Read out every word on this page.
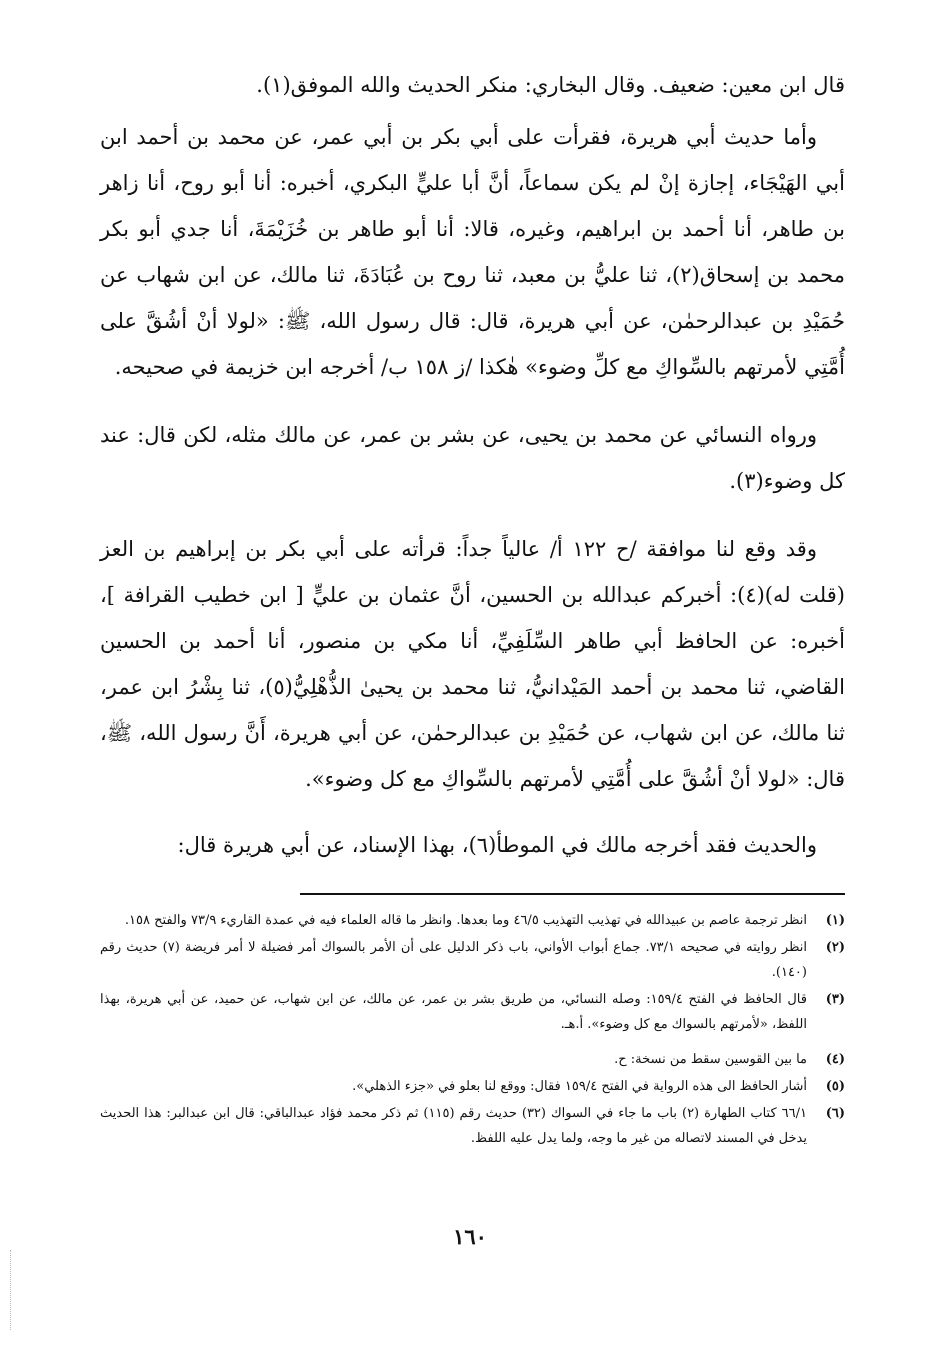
قال ابن معين: ضعيف. وقال البخاري: منكر الحديث والله الموفق(١).

وأما حديث أبي هريرة، فقرأت على أبي بكر بن أبي عمر، عن محمد بن أحمد ابن أبي الهَيْجَاء، إجازة إنْ لم يكن سماعاً، أنَّ أبا عليٍّ البكري، أخبره: أنا أبو روح، أنا زاهر بن طاهر، أنا أحمد بن ابراهيم، وغيره، قالا: أنا أبو طاهر بن خُزَيْمَةَ، أنا جدي أبو بكر محمد بن إسحاق(٢)، ثنا عليُّ بن معبد، ثنا روح بن عُبَادَةَ، ثنا مالك، عن ابن شهاب عن حُمَيْدِ بن عبدالرحمٰن، عن أبي هريرة، قال: قال رسول الله، ﷺ: «لولا أنْ أشُقَّ على أُمَّتِي لأمرتهم بالسِّواكِ مع كلِّ وضوء» هٰكذا /ز ١٥٨ ب/ أخرجه ابن خزيمة في صحيحه.

ورواه النسائي عن محمد بن يحيى، عن بشر بن عمر، عن مالك مثله، لكن قال: عند كل وضوء(٣).

وقد وقع لنا موافقة /ح ١٢٢ أ/ عالياً جداً: قرأته على أبي بكر بن إبراهيم بن العز (قلت له)(٤): أخبركم عبدالله بن الحسين، أنَّ عثمان بن عليٍّ [ ابن خطيب القرافة ]، أخبره: عن الحافظ أبي طاهر السِّلَفِيِّ، أنا مكي بن منصور، أنا أحمد بن الحسين القاضي، ثنا محمد بن أحمد المَيْدانيُّ، ثنا محمد بن يحيىٰ الذُّهْلِيُّ(٥)، ثنا بِشْرُ ابن عمر، ثنا مالك، عن ابن شهاب، عن حُمَيْدِ بن عبدالرحمٰن، عن أبي هريرة، أَنَّ رسول الله، ﷺ، قال: «لولا أنْ أشُقَّ على أُمَّتِي لأمرتهم بالسِّواكِ مع كل وضوء».

والحديث فقد أخرجه مالك في الموطأ(٦)، بهذا الإسناد، عن أبي هريرة قال:

(١)
انظر ترجمة عاصم بن عبيدالله في تهذيب التهذيب ٤٦/٥ وما بعدها. وانظر ما قاله العلماء فيه في عمدة القاريء ٧٣/٩ والفتح ١٥٨.
(٢)
انظر روايته في صحيحه ٧٣/١. جماع أبواب الأواني، باب ذكر الدليل على أن الأمر بالسواك أمر فضيلة لا أمر فريضة (٧) حديث رقم (١٤٠).
(٣)
قال الحافظ في الفتح ١٥٩/٤: وصله النسائي، من طريق بشر بن عمر، عن مالك، عن ابن شهاب، عن حميد، عن أبي هريرة، بهذا اللفظ، «لأمرتهم بالسواك مع كل وضوء». أ.هـ.
(٤)
ما بين القوسين سقط من نسخة: ح.
(٥)
أشار الحافظ الى هذه الرواية في الفتح ١٥٩/٤ فقال: ووقع لنا بعلو في «جزء الذهلي».
(٦)
٦٦/١ كتاب الطهارة (٢) باب ما جاء في السواك (٣٢) حديث رقم (١١٥) ثم ذكر محمد فؤاد عبدالباقي: قال ابن عبدالبر: هذا الحديث يدخل في المسند لاتصاله من غير ما وجه، ولما يدل عليه اللفظ.
١٦٠
